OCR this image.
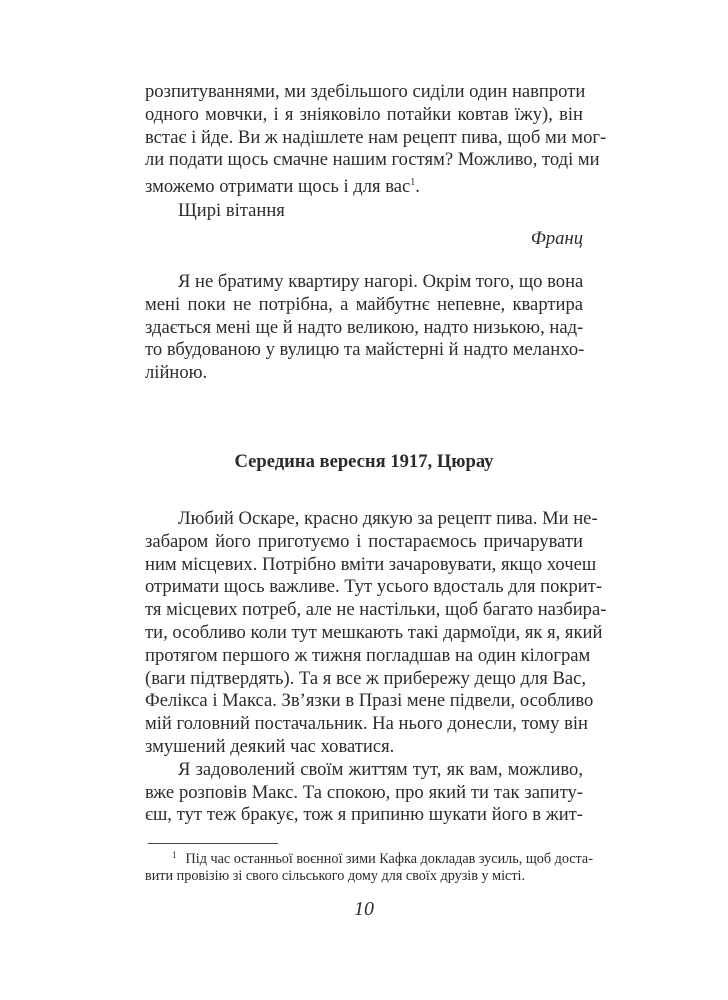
розпитуваннями, ми здебільшого сиділи один навпроти
одного мовчки, і я зніяковіло потайки ковтав їжу), він
встає і йде. Ви ж надішлете нам рецепт пива, щоб ми мог-
ли подати щось смачне нашим гостям? Можливо, тоді ми
зможемо отримати щось і для вас$^1$.
Щирі вітання
Франц
Я не братиму квартиру нагорі. Окрім того, що вона
мені поки не потрібна, а майбутнє непевне, квартира
здається мені ще й надто великою, надто низькою, над-
то вбудованою у вулицю та майстерні й надто меланхо-
лійною.
Середина вересня 1917, Цюрау
Любий Оскаре, красно дякую за рецепт пива. Ми не-
забаром його приготуємо і постараємось причарувати
ним місцевих. Потрібно вміти зачаровувати, якщо хочеш
отримати щось важливе. Тут усього вдосталь для покрит-
тя місцевих потреб, але не настільки, щоб багато назбира-
ти, особливо коли тут мешкають такі дармоїди, як я, який
протягом першого ж тижня погладшав на один кілограм
(ваги підтвердять). Та я все ж прибережу дещо для Вас,
Фелікса і Макса. Зв’язки в Празі мене підвели, особливо
мій головний постачальник. На нього донесли, тому він
змушений деякий час ховатися.
Я задоволений своїм життям тут, як вам, можливо,
вже розповів Макс. Та спокою, про який ти так запиту-
єш, тут теж бракує, тож я припиню шукати його в жит-
$^1$ Під час останньої воєнної зими Кафка докладав зусиль, щоб доста-
вити провізію зі свого сільського дому для своїх друзів у місті.
10
